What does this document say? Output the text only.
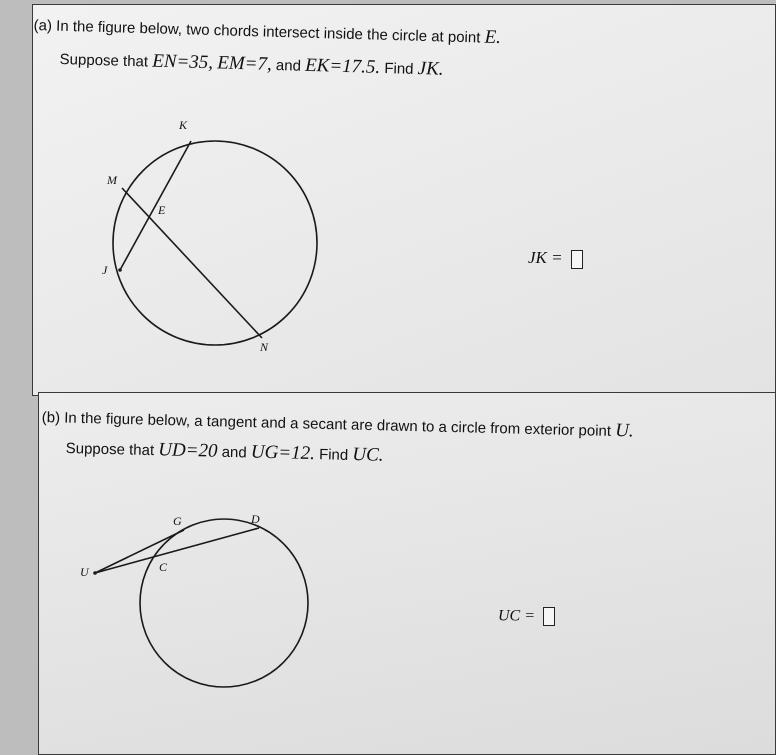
(a) In the figure below, two chords intersect inside the circle at point E.
Suppose that EN=35, EM=7, and EK=17.5. Find JK.
K
M
E
J
N
JK =
(b) In the figure below, a tangent and a secant are drawn to a circle from exterior point U.
Suppose that UD=20 and UG=12. Find UC.
G	D
U	C
UC =
